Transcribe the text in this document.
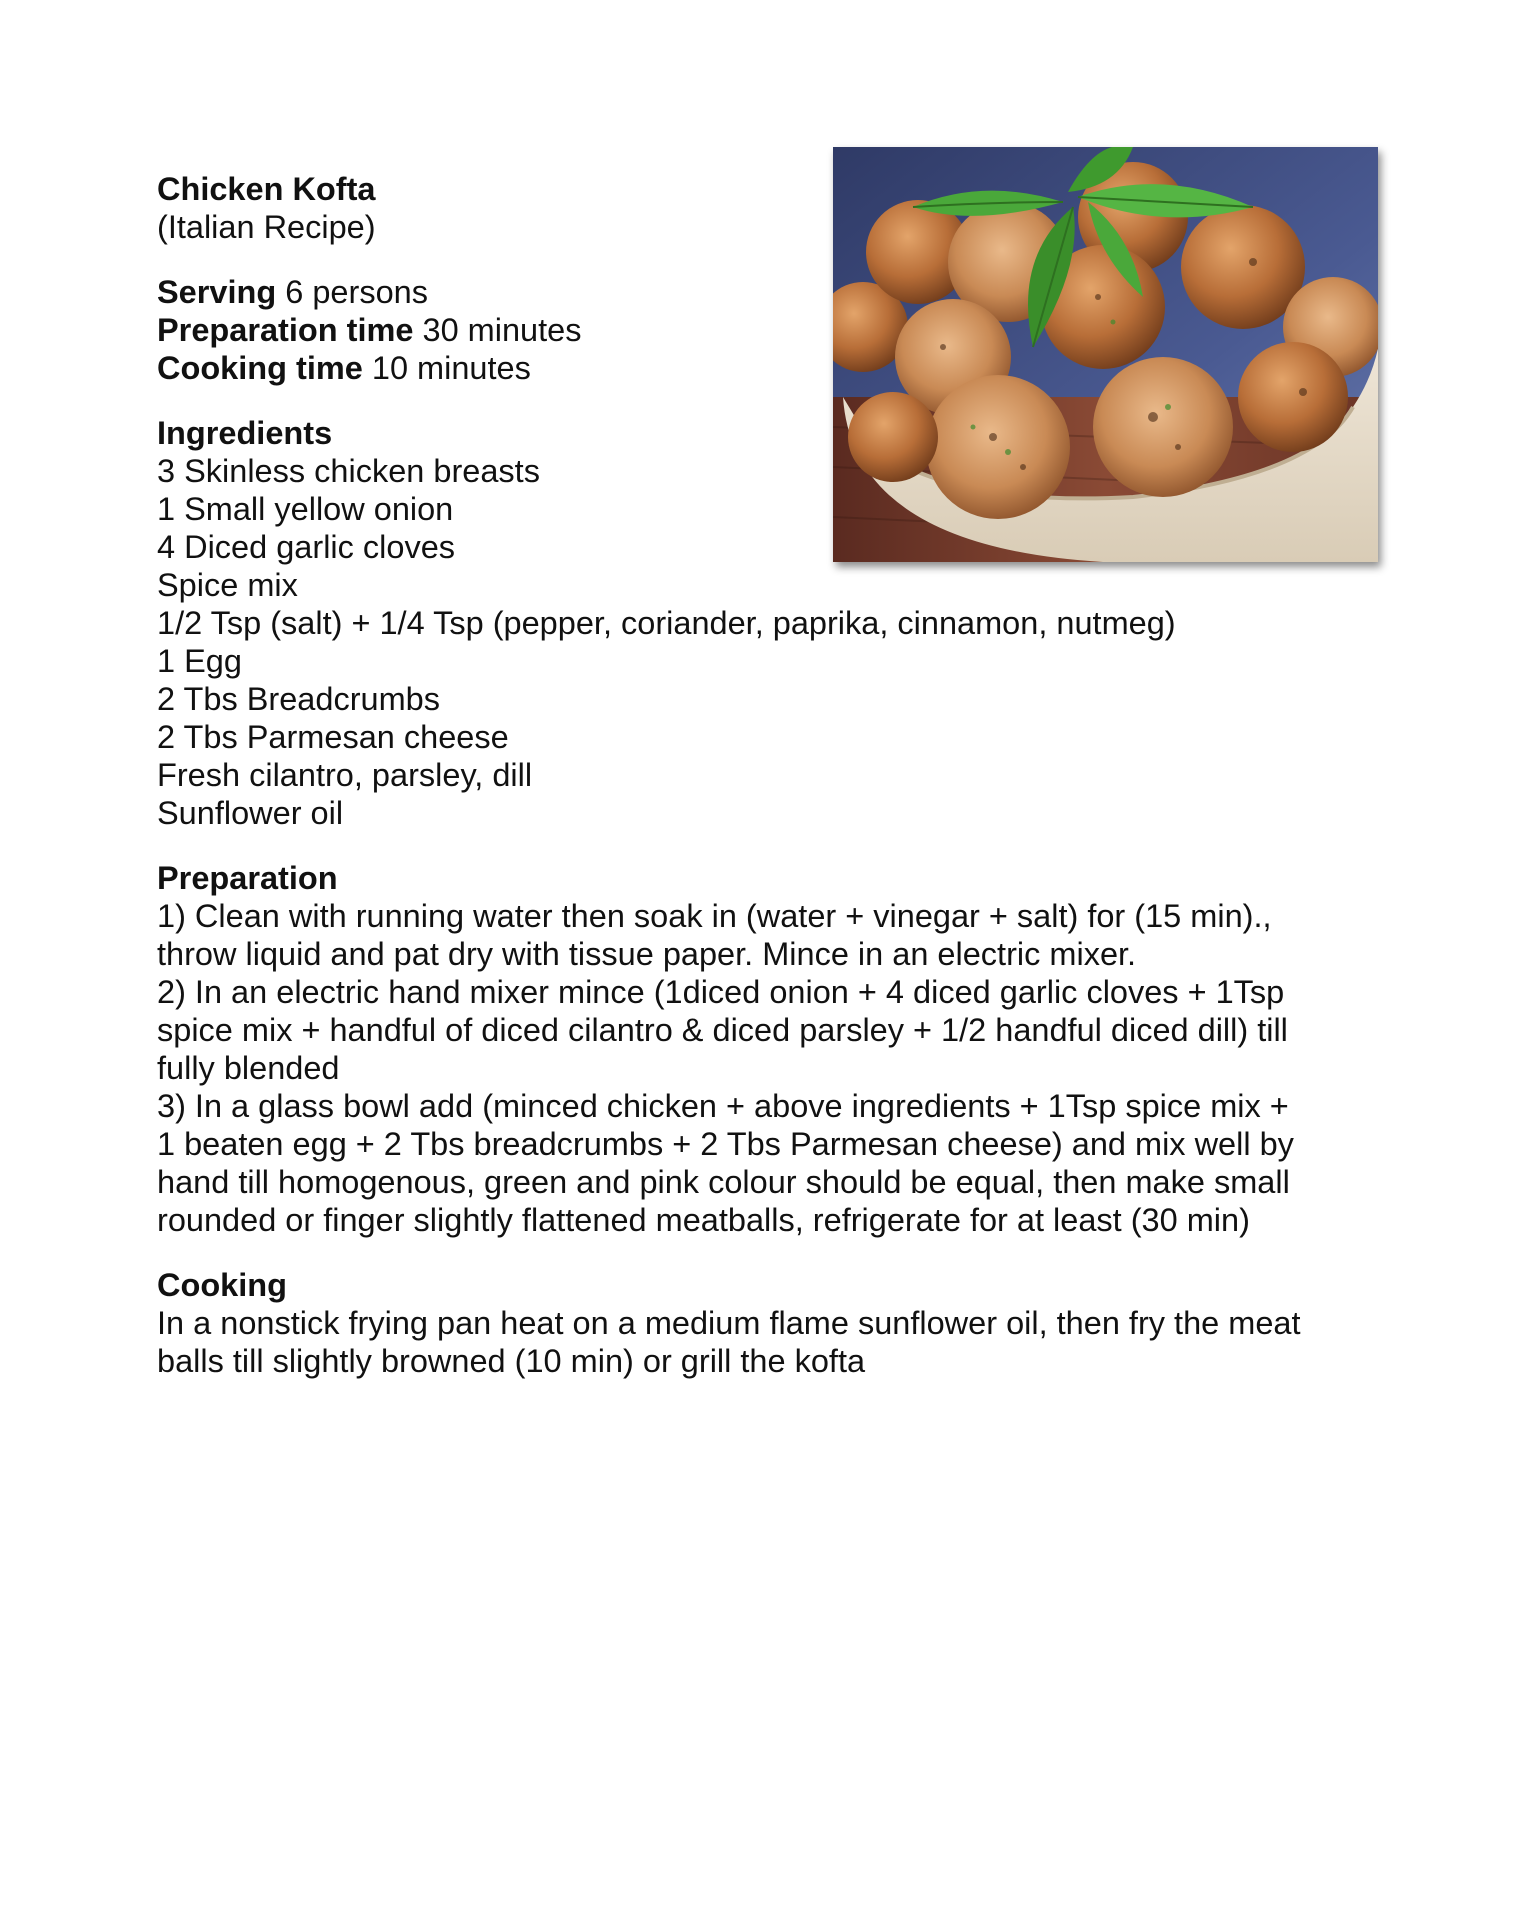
Chicken Kofta
(Italian Recipe)
Serving 6 persons
Preparation time 30 minutes
Cooking time 10 minutes
Ingredients
3 Skinless chicken breasts
1 Small yellow onion
4 Diced garlic cloves
Spice mix
1/2 Tsp (salt) + 1/4 Tsp (pepper, coriander, paprika, cinnamon, nutmeg)
1 Egg
2 Tbs Breadcrumbs
2 Tbs Parmesan cheese
Fresh cilantro, parsley, dill
Sunflower oil
Preparation
1) Clean with running water then soak in (water + vinegar + salt) for (15 min).,
throw liquid and pat dry with tissue paper. Mince in an electric mixer.
2) In an electric hand mixer mince (1diced onion + 4 diced garlic cloves + 1Tsp
spice mix + handful of diced cilantro & diced parsley + 1/2 handful diced dill) till
fully blended
3) In a glass bowl add (minced chicken + above ingredients + 1Tsp spice mix +
1 beaten egg + 2 Tbs breadcrumbs + 2 Tbs Parmesan cheese) and mix well by
hand till homogenous, green and pink colour should be equal, then make small
rounded or finger slightly flattened meatballs, refrigerate for at least (30 min)
Cooking
In a nonstick frying pan heat on a medium flame sunflower oil, then fry the meat
balls till slightly browned (10 min) or grill the kofta
